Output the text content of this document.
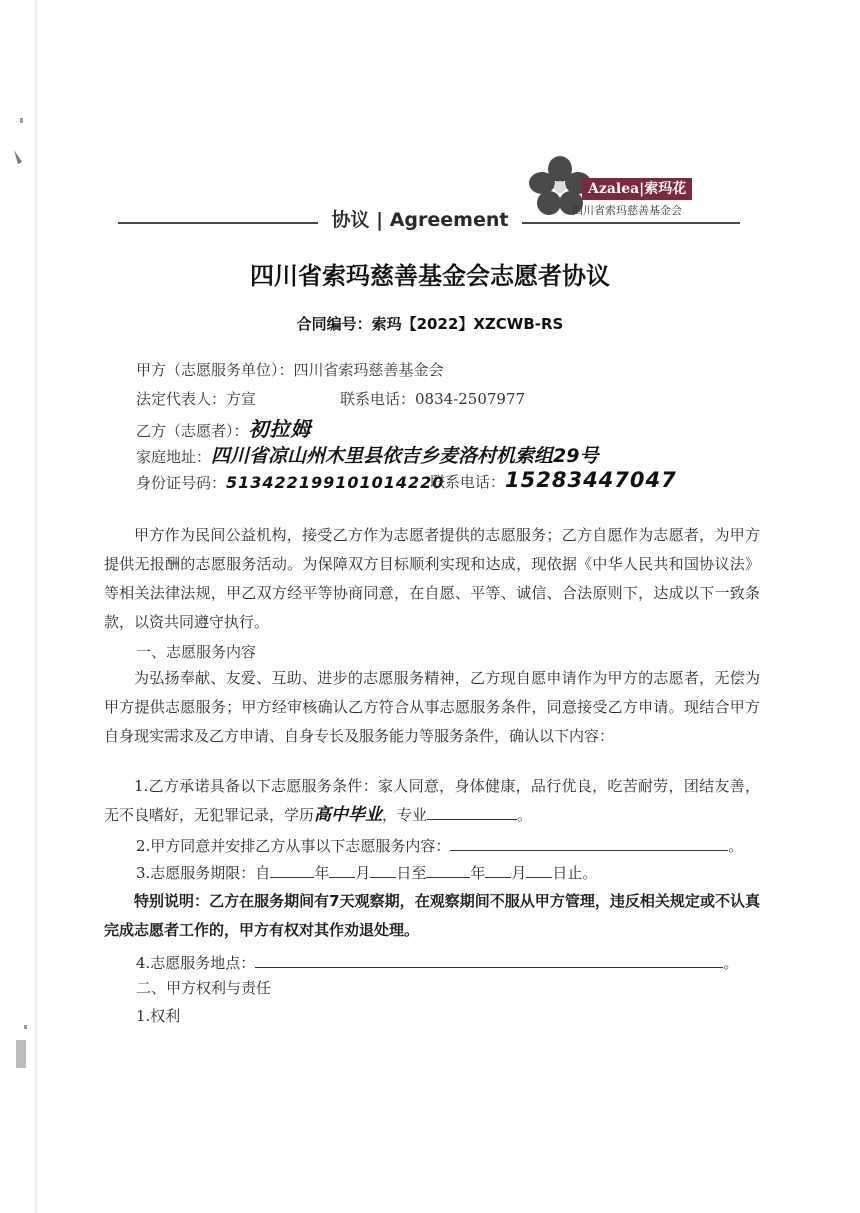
协议 | Agreement
Azalea|索玛花
四川省索玛慈善基金会
四川省索玛慈善基金会志愿者协议
合同编号：索玛【2022】XZCWB-RS
甲方（志愿服务单位）：四川省索玛慈善基金会
法定代表人：方宣	联系电话：0834-2507977
乙方（志愿者）：初拉姆
家庭地址：四川省凉山州木里县依吉乡麦洛村机索组29号
身份证号码：513422199101014220
联系电话：15283447047
甲方作为民间公益机构，接受乙方作为志愿者提供的志愿服务；乙方自愿作为志愿者，为甲方提供无报酬的志愿服务活动。为保障双方目标顺利实现和达成，现依据《中华人民共和国协议法》等相关法律法规，甲乙双方经平等协商同意，在自愿、平等、诚信、合法原则下，达成以下一致条款，以资共同遵守执行。
一、志愿服务内容
为弘扬奉献、友爱、互助、进步的志愿服务精神，乙方现自愿申请作为甲方的志愿者，无偿为甲方提供志愿服务；甲方经审核确认乙方符合从事志愿服务条件，同意接受乙方申请。现结合甲方自身现实需求及乙方申请、自身专长及服务能力等服务条件，确认以下内容：
1.乙方承诺具备以下志愿服务条件：家人同意，身体健康，品行优良，吃苦耐劳，团结友善，无不良嗜好，无犯罪记录，学历高中毕业，专业	。
2.甲方同意并安排乙方从事以下志愿服务内容：	。
3.志愿服务期限：自	年 月 日至	年 月 日止。
特别说明：乙方在服务期间有7天观察期，在观察期间不服从甲方管理，违反相关规定或不认真完成志愿者工作的，甲方有权对其作劝退处理。
4.志愿服务地点：	。
二、甲方权利与责任
1.权利
